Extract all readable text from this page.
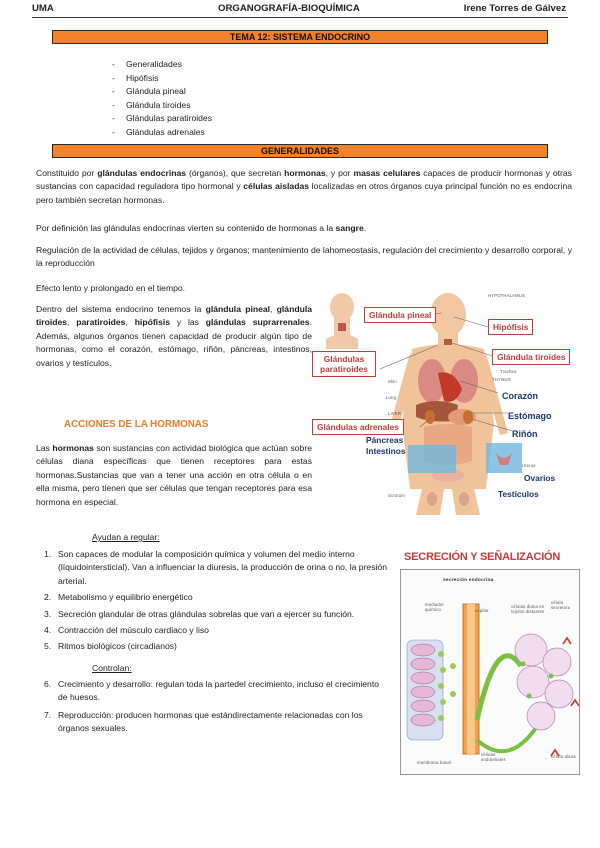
UMA	ORGANOGRAFÍA-BIOQUÍMICA	Irene Torres de Gálvez
TEMA 12: SISTEMA ENDOCRINO
- Generalidades
- Hipófisis
- Glándula pineal
- Glándula tiroides
- Glándulas paratiroides
- Glándulas adrenales
GENERALIDADES

Constituido por glándulas endocrinas (órganos), que secretan hormonas, y por masas celulares capaces de producir hormonas y otras sustancias con capacidad reguladora tipo hormonal y células aisladas localizadas en otros órganos cuya principal función no es endocrina pero también secretan hormonas.

Por definición las glándulas endocrinas vierten su contenido de hormonas a la sangre.

Regulación de la actividad de células, tejidos y órganos; mantenimiento de lahomeostasis, regulación del crecimiento y desarrollo corporal, y la reproducción

Efecto lento y prolongado en el tiempo.

Dentro del sistema endocrino tenemos la glándula pineal, glándula tiroides, paratiroides, hipófisis y las glándulas suprarrenales. Además, algunos órganos tienen capacidad de producir algún tipo de hormonas, como el corazón, estómago, riñón, páncreas, intestinos, ovarios y testículos.

ACCIONES DE LA HORMONAS

Las hormonas son sustancias con actividad biológica que actúan sobre células diana específicas que tienen receptores para estas hormonas.Sustancias que van a tener una acción en otra célula o en ella misma, pero tienen que ser células que tengan receptores para esa hormona en especial.

Ayudan a regular:
1. Son capaces de modular la composición química y volumen del medio interno (líquidointersticial). Van a influenciar la diuresis, la producción de orina o no, la presión arterial.
2. Metabolismo y equilibrio energético
3. Secreción glandular de otras glándulas sobrelas que van a ejercer su función.
4. Contracción del músculo cardiaco y liso
5. Ritmos biológicos (circadianos)
Controlan:
6. Crecimiento y desarrollo: regulan toda la partedel crecimiento, incluso el crecimiento de huesos.
7. Reproducción: producen hormonas que estándirectamente relacionadas con los órganos sexuales.
Glándula pineal
Hipófisis
Glándula tiroides
Glándulas paratiroides
Glándulas adrenales
Corazón
Estómago
Riñón
Páncreas
Intestinos
Ovarios
Testículos
HYPOTHALAMUS
Trachea
THYMUS
Skin
Lung
LIVER
Uterus
Scrotum
SECRECIÓN Y SEÑALIZACIÓN
secreción endocrina
mediador químico	capilar
células diana en tejidos distantes
célula secretora
células endoteliales
célula diana
membrana basal
